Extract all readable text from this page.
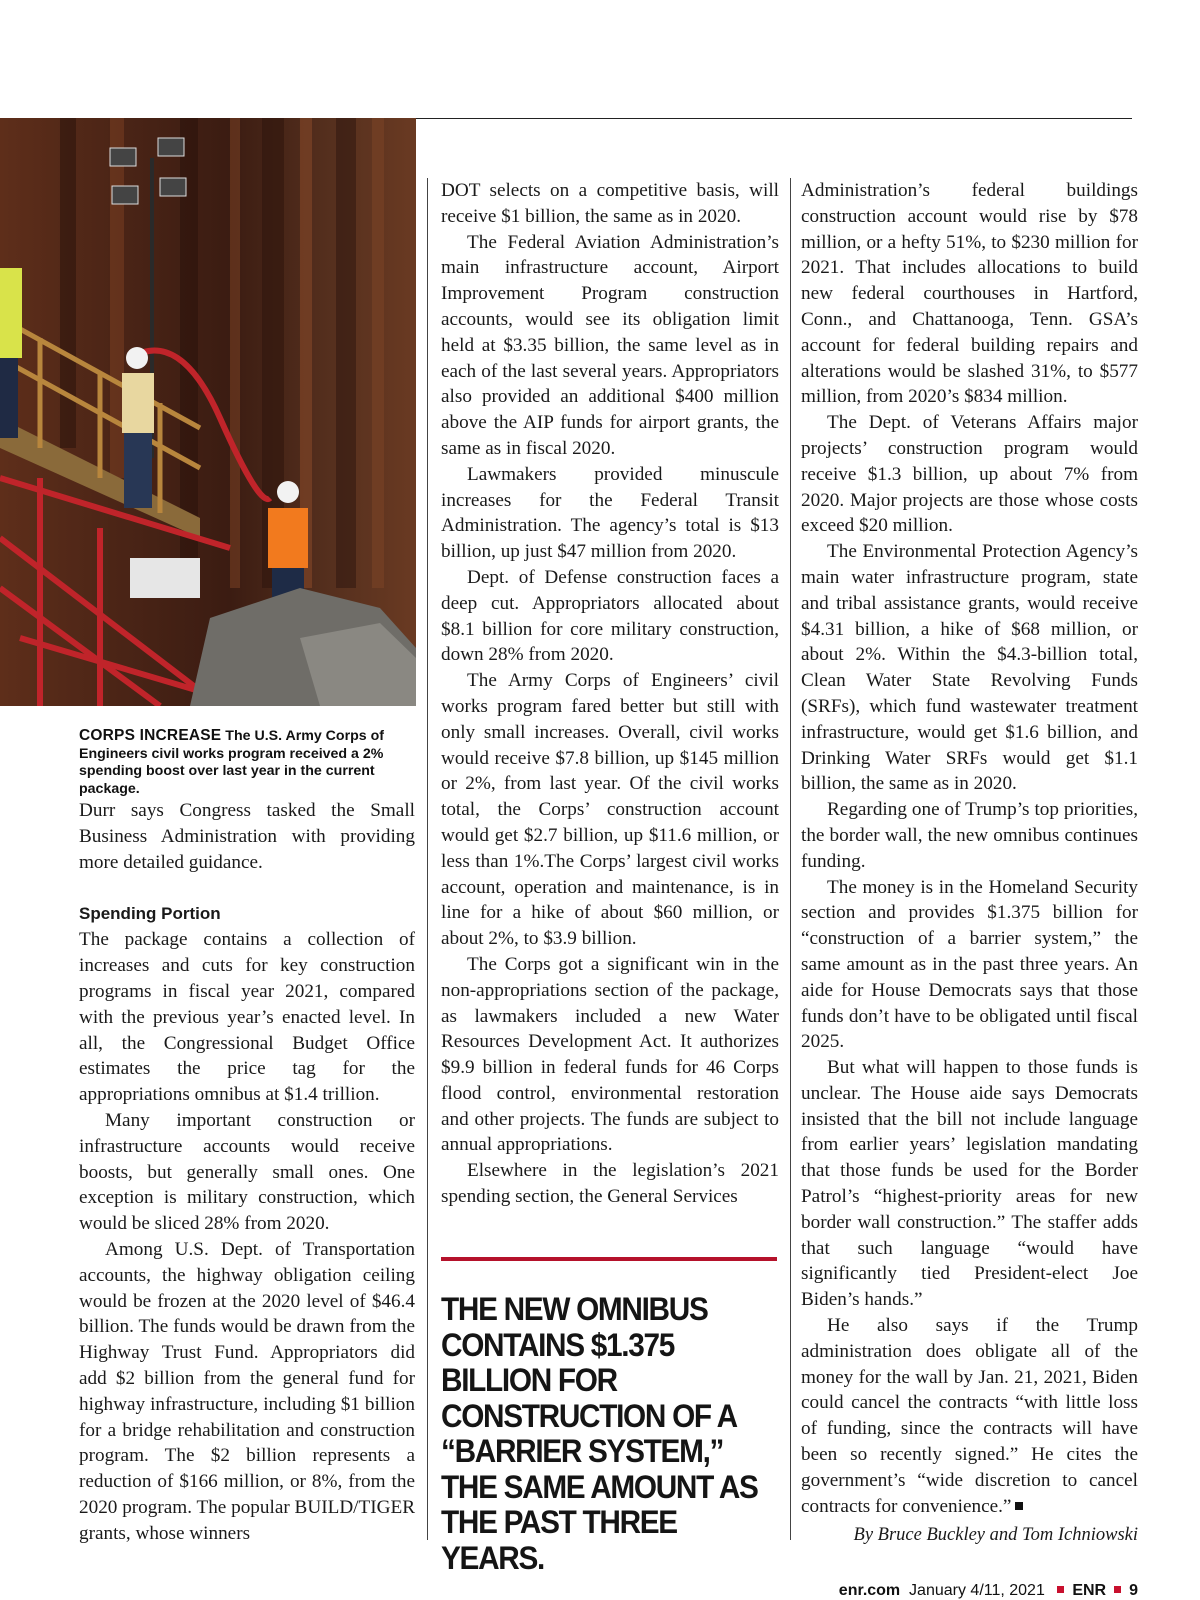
CORPS INCREASE The U.S. Army Corps of Engineers civil works program received a 2% spending boost over last year in the current package.

Durr says Congress tasked the Small Business Administration with providing more detailed guidance.

Spending Portion

The package contains a collection of increases and cuts for key construction programs in fiscal year 2021, compared with the previous year’s enacted level. In all, the Congressional Budget Office estimates the price tag for the appropriations omnibus at $1.4 trillion.

Many important construction or infrastructure accounts would receive boosts, but generally small ones. One exception is military construction, which would be sliced 28% from 2020.

Among U.S. Dept. of Transportation accounts, the highway obligation ceiling would be frozen at the 2020 level of $46.4 billion. The funds would be drawn from the Highway Trust Fund. Appropriators did add $2 billion from the general fund for highway infrastructure, including $1 billion for a bridge rehabilitation and construction program. The $2 billion represents a reduction of $166 million, or 8%, from the 2020 program. The popular BUILD/TIGER grants, whose winners

DOT selects on a competitive basis, will receive $1 billion, the same as in 2020.

The Federal Aviation Administration’s main infrastructure account, Airport Improvement Program construction accounts, would see its obligation limit held at $3.35 billion, the same level as in each of the last several years. Appropriators also provided an additional $400 million above the AIP funds for airport grants, the same as in fiscal 2020.

Lawmakers provided minuscule increases for the Federal Transit Administration. The agency’s total is $13 billion, up just $47 million from 2020.

Dept. of Defense construction faces a deep cut. Appropriators allocated about $8.1 billion for core military construction, down 28% from 2020.

The Army Corps of Engineers’ civil works program fared better but still with only small increases. Overall, civil works would receive $7.8 billion, up $145 million or 2%, from last year. Of the civil works total, the Corps’ construction account would get $2.7 billion, up $11.6 million, or less than 1%.The Corps’ largest civil works account, operation and maintenance, is in line for a hike of about $60 million, or about 2%, to $3.9 billion.

The Corps got a significant win in the non-appropriations section of the package, as lawmakers included a new Water Resources Development Act. It authorizes $9.9 billion in federal funds for 46 Corps flood control, environmental restoration and other projects. The funds are subject to annual appropriations.

Elsewhere in the legislation’s 2021 spending section, the General Services

THE NEW OMNIBUS CONTAINS $1.375 BILLION FOR CONSTRUCTION OF A “BARRIER SYSTEM,” THE SAME AMOUNT AS THE PAST THREE YEARS.

Administration’s federal buildings construction account would rise by $78 million, or a hefty 51%, to $230 million for 2021. That includes allocations to build new federal courthouses in Hartford, Conn., and Chattanooga, Tenn. GSA’s account for federal building repairs and alterations would be slashed 31%, to $577 million, from 2020’s $834 million.

The Dept. of Veterans Affairs major projects’ construction program would receive $1.3 billion, up about 7% from 2020. Major projects are those whose costs exceed $20 million.

The Environmental Protection Agency’s main water infrastructure program, state and tribal assistance grants, would receive $4.31 billion, a hike of $68 million, or about 2%. Within the $4.3-billion total, Clean Water State Revolving Funds (SRFs), which fund wastewater treatment infrastructure, would get $1.6 billion, and Drinking Water SRFs would get $1.1 billion, the same as in 2020.

Regarding one of Trump’s top priorities, the border wall, the new omnibus continues funding.

The money is in the Homeland Security section and provides $1.375 billion for “construction of a barrier system,” the same amount as in the past three years. An aide for House Democrats says that those funds don’t have to be obligated until fiscal 2025.

But what will happen to those funds is unclear. The House aide says Democrats insisted that the bill not include language from earlier years’ legislation mandating that those funds be used for the Border Patrol’s “highest-priority areas for new border wall construction.” The staffer adds that such language “would have significantly tied President-elect Joe Biden’s hands.”

He also says if the Trump administration does obligate all of the money for the wall by Jan. 21, 2021, Biden could cancel the contracts “with little loss of funding, since the contracts will have been so recently signed.” He cites the government’s “wide discretion to cancel contracts for convenience.”

By Bruce Buckley and Tom Ichniowski
enr.com January 4/11, 2021 ENR 9
